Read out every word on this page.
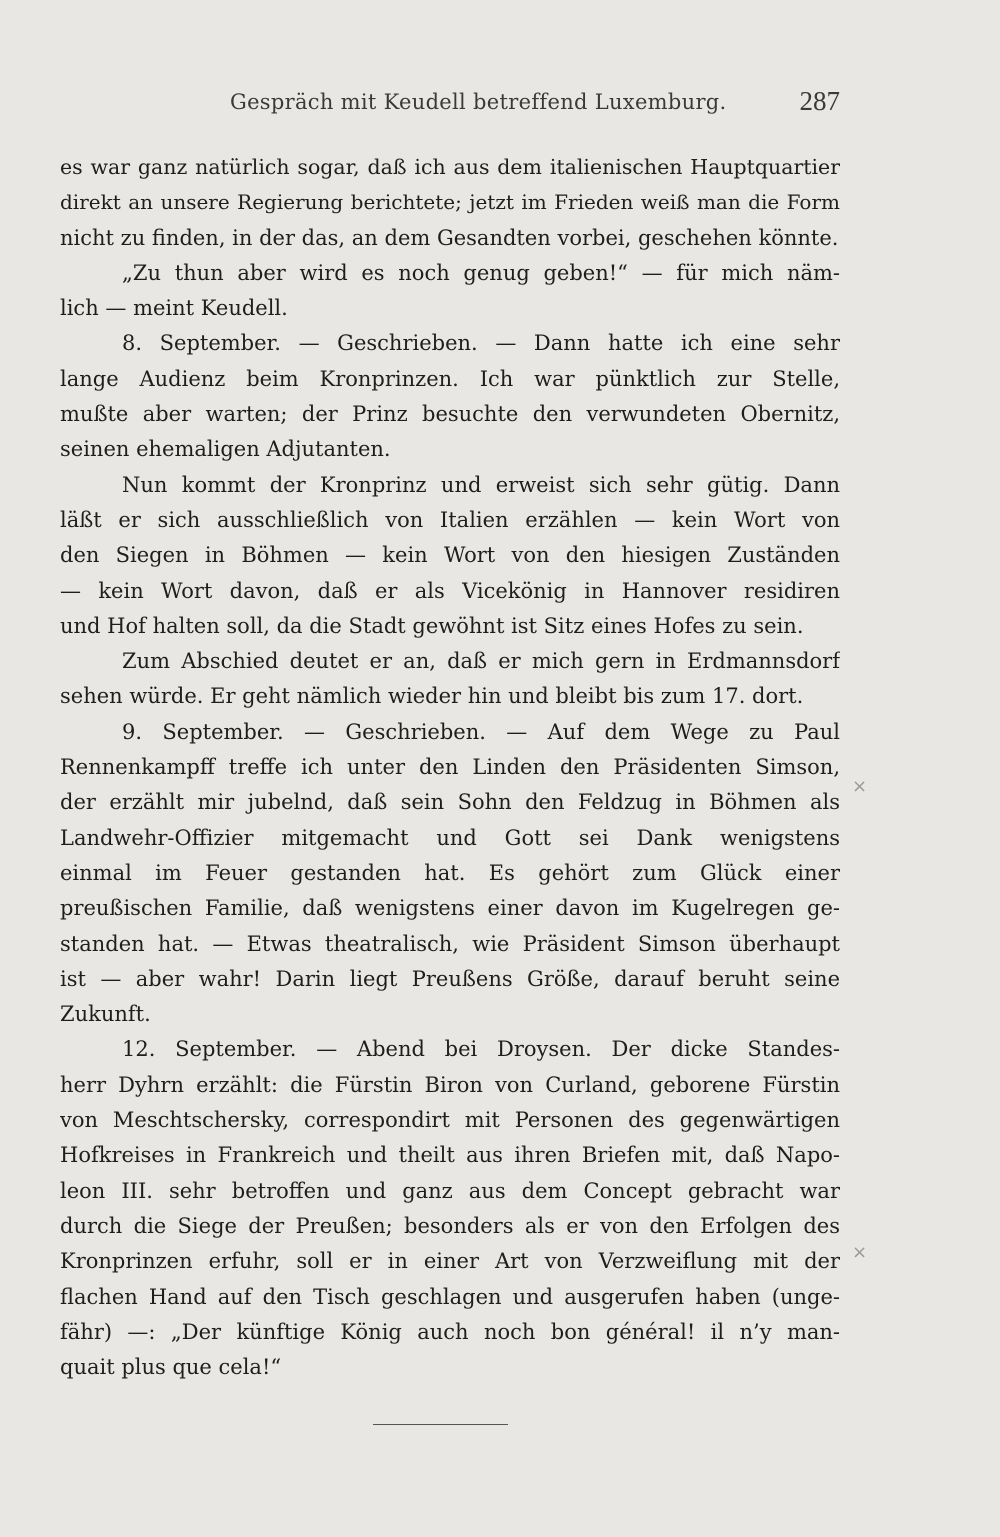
Gespräch mit Keudell betreffend Luxemburg.	287
es war ganz natürlich sogar, daß ich aus dem italienischen Hauptquartier
direkt an unsere Regierung berichtete; jetzt im Frieden weiß man die Form
nicht zu finden, in der das, an dem Gesandten vorbei, geschehen könnte.
„Zu thun aber wird es noch genug geben!“ — für mich näm-
lich — meint Keudell.
8. September. — Geschrieben. — Dann hatte ich eine sehr
lange Audienz beim Kronprinzen. Ich war pünktlich zur Stelle,
mußte aber warten; der Prinz besuchte den verwundeten Obernitz,
seinen ehemaligen Adjutanten.
Nun kommt der Kronprinz und erweist sich sehr gütig. Dann
läßt er sich ausschließlich von Italien erzählen — kein Wort von
den Siegen in Böhmen — kein Wort von den hiesigen Zuständen
— kein Wort davon, daß er als Vicekönig in Hannover residiren
und Hof halten soll, da die Stadt gewöhnt ist Sitz eines Hofes zu sein.
Zum Abschied deutet er an, daß er mich gern in Erdmannsdorf
sehen würde. Er geht nämlich wieder hin und bleibt bis zum 17. dort.
9. September. — Geschrieben. — Auf dem Wege zu Paul
Rennenkampff treffe ich unter den Linden den Präsidenten Simson,
der erzählt mir jubelnd, daß sein Sohn den Feldzug in Böhmen als
Landwehr-Offizier mitgemacht und Gott sei Dank wenigstens
einmal im Feuer gestanden hat. Es gehört zum Glück einer
preußischen Familie, daß wenigstens einer davon im Kugelregen ge-
standen hat. — Etwas theatralisch, wie Präsident Simson überhaupt
ist — aber wahr! Darin liegt Preußens Größe, darauf beruht seine
Zukunft.
12. September. — Abend bei Droysen. Der dicke Standes-
herr Dyhrn erzählt: die Fürstin Biron von Curland, geborene Fürstin
von Meschtschersky, correspondirt mit Personen des gegenwärtigen
Hofkreises in Frankreich und theilt aus ihren Briefen mit, daß Napo-
leon III. sehr betroffen und ganz aus dem Concept gebracht war
durch die Siege der Preußen; besonders als er von den Erfolgen des
Kronprinzen erfuhr, soll er in einer Art von Verzweiflung mit der
flachen Hand auf den Tisch geschlagen und ausgerufen haben (unge-
fähr) —: „Der künftige König auch noch bon général! il n’y man-
quait plus que cela!“
×
×
